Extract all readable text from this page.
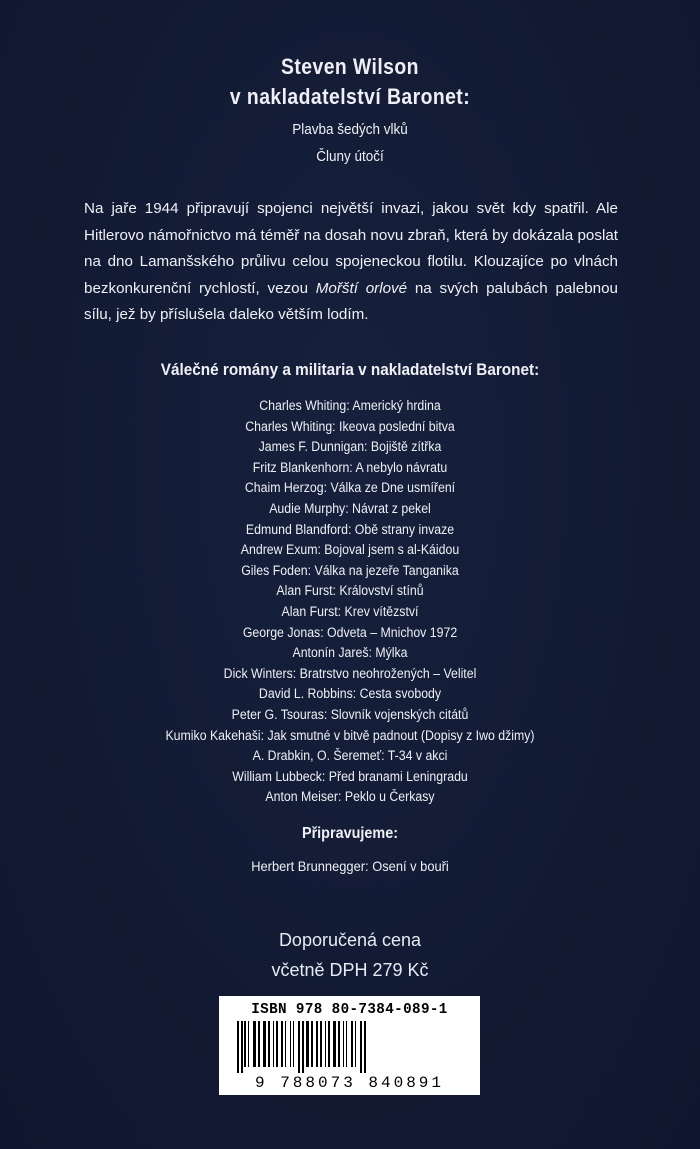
Steven Wilson
v nakladatelství Baronet:
Plavba šedých vlků
Čluny útočí

Na jaře 1944 připravují spojenci největší invazi, jakou svět kdy spatřil. Ale Hitlerovo námořnictvo má téměř na dosah novu zbraň, která by dokázala poslat na dno Lamanšského průlivu celou spojeneckou flotilu. Klouzajíce po vlnách bezkonkurenční rychlostí, vezou Mořští orlové na svých palubách palebnou sílu, jež by příslušela daleko větším lodím.

Válečné romány a militaria v nakladatelství Baronet:
Charles Whiting: Americký hrdina
Charles Whiting: Ikeova poslední bitva
James F. Dunnigan: Bojiště zítřka
Fritz Blankenhorn: A nebylo návratu
Chaim Herzog: Válka ze Dne usmíření
Audie Murphy: Návrat z pekel
Edmund Blandford: Obě strany invaze
Andrew Exum: Bojoval jsem s al-Káidou
Giles Foden: Válka na jezeře Tanganika
Alan Furst: Království stínů
Alan Furst: Krev vítězství
George Jonas: Odveta – Mnichov 1972
Antonín Jareš: Mýlka
Dick Winters: Bratrstvo neohrožených – Velitel
David L. Robbins: Cesta svobody
Peter G. Tsouras: Slovník vojenských citátů
Kumiko Kakehaši: Jak smutné v bitvě padnout (Dopisy z Iwo džimy)
A. Drabkin, O. Šeremeť: T-34 v akci
William Lubbeck: Před branami Leningradu
Anton Meiser: Peklo u Čerkasy
Připravujeme:
Herbert Brunnegger: Osení v bouři
Doporučená cena
včetně DPH 279 Kč
ISBN 978 80-7384-089-1
9 788073 840891
